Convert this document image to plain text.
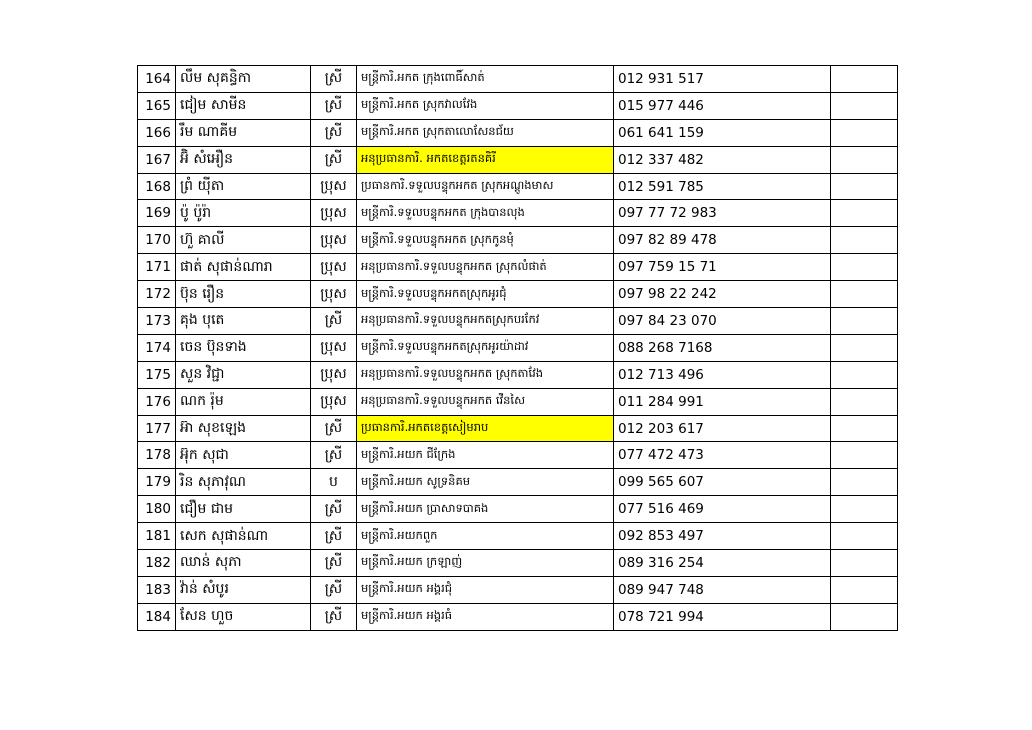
164	លឹម សុគន្ធិកា	ស្រី	មន្ត្រីការិ.អកត ក្រុងពោធិ៍សាត់	012 931 517	
165	ជៀម សាមីន	ស្រី	មន្ត្រីការិ.អកត ស្រុកវាលវែង	015 977 446	
166	រឹម ណាគីម	ស្រី	មន្ត្រីការិ.អកត ស្រុកតាលោសែនជ័យ	061 641 159	
167	អ៊ិ សំអឿន	ស្រី	អនុប្រធានការិ. អកតខេត្តរតនគិរី	012 337 482	
168	ព្រំ យ៉ីតា	ប្រុស	ប្រធានការិ.ទទួលបន្ទុកអកត ស្រុកអណ្ដូងមាស	012 591 785	
169	ប៉ូ ប៉ូរ៉ា	ប្រុស	មន្ត្រីការិ.ទទួលបន្ទុកអកត ក្រុងបានលុង	097 77 72 983	
170	ហ៊ួ គាលី	ប្រុស	មន្ត្រីការិ.ទទួលបន្ទុកអកត ស្រុកកូនមុំ	097 82 89 478	
171	ផាត់ សុផាន់ណារា	ប្រុស	អនុប្រធានការិ.ទទួលបន្ទុកអកត ស្រុកលំផាត់	097 759 15 71	
172	ប៊ុន រឿន	ប្រុស	មន្ត្រីការិ.ទទួលបន្ទុកអកតស្រុកអូរជុំ	097 98 22 242	
173	គុង បុតេ	ស្រី	អនុប្រធានការិ.ទទួលបន្ទុកអកតស្រុកបរកែវ	097 84 23 070	
174	ចេន ប៊ុនទាង	ប្រុស	មន្ត្រីការិ.ទទួលបន្ទុកអកតស្រុកអូរយ៉ាដាវ	088 268 7168	
175	សួន វិជ្ជា	ប្រុស	អនុប្រធានការិ.ទទួលបន្ទុកអកត ស្រុកតាវែង	012 713 496	
176	ណក រ៉ុម	ប្រុស	អនុប្រធានការិ.ទទួលបន្ទុកអកត វើនសៃ	011 284 991	
177	អ៊ា សុខឡេង	ស្រី	ប្រធានការិ.អកតខេត្តសៀមរាប	012 203 617	
178	អ៊ុក សុជា	ស្រី	មន្ត្រីការិ.អយក ជីក្រែង	077 472 473	
179	រិន សុភាវុណ	ប	មន្ត្រីការិ.អយក សូទ្រនិគម	099 565 607	
180	ជឿម ជាម	ស្រី	មន្ត្រីការិ.អយក ប្រាសាទបាគង	077 516 469	
181	សេក សុផាន់ណា	ស្រី	មន្ត្រីការិ.អយកពួក	092 853 497	
182	ឈាន់ សុភា	ស្រី	មន្ត្រីការិ.អយក ក្រឡាញ់	089 316 254	
183	វ៉ាន់ សំបូរ	ស្រី	មន្ត្រីការិ.អយក អង្គរជុំ	089 947 748	
184	សែន ហួច	ស្រី	មន្ត្រីការិ.អយក អង្គរធំ	078 721 994	
